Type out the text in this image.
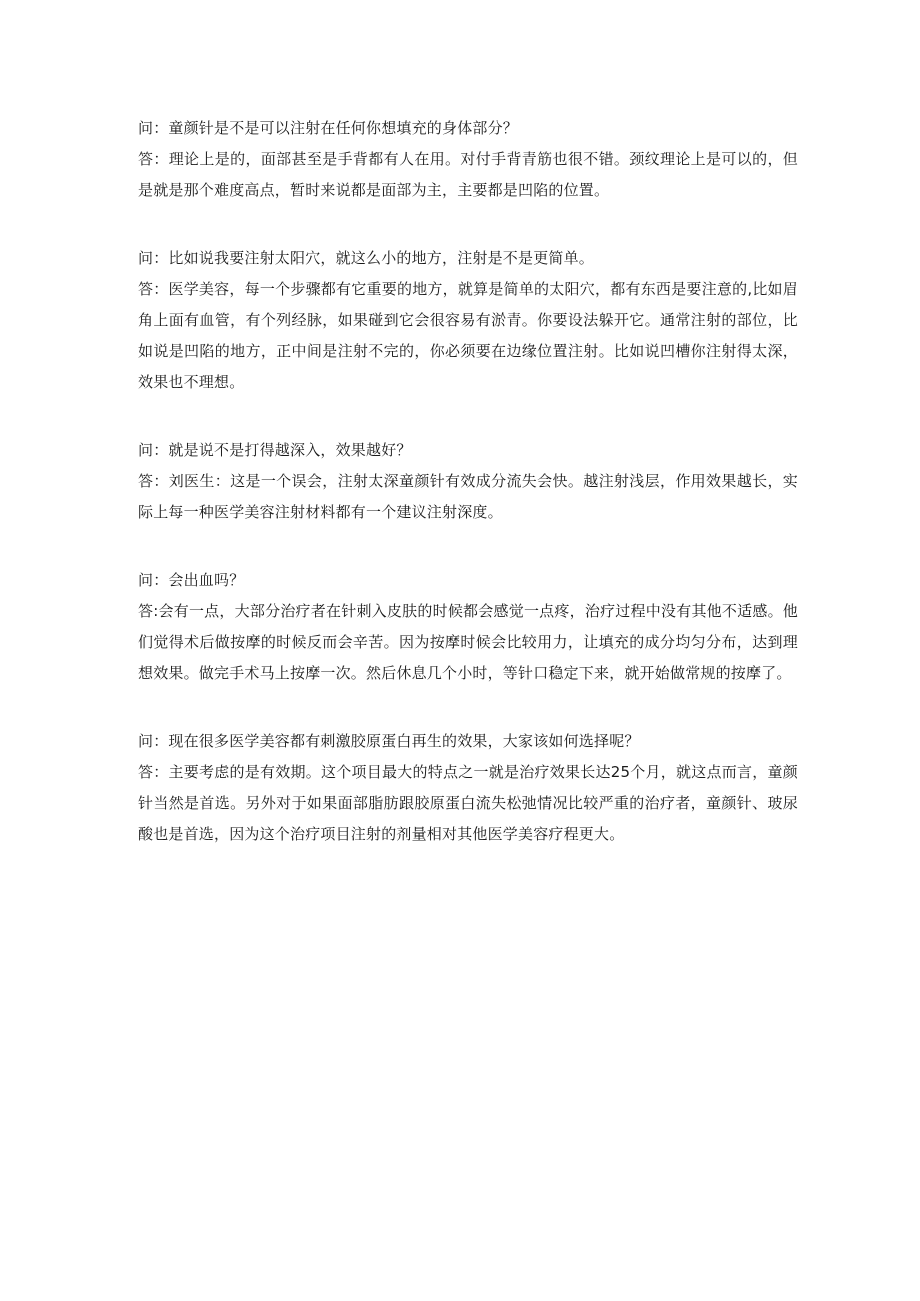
问：童颜针是不是可以注射在任何你想填充的身体部分？

答：理论上是的，面部甚至是手背都有人在用。对付手背青筋也很不错。颈纹理论上是可以的，但是就是那个难度高点，暂时来说都是面部为主，主要都是凹陷的位置。

问：比如说我要注射太阳穴，就这么小的地方，注射是不是更简单。

答：医学美容，每一个步骤都有它重要的地方，就算是简单的太阳穴，都有东西是要注意的,比如眉角上面有血管，有个列经脉，如果碰到它会很容易有淤青。你要设法躲开它。通常注射的部位，比如说是凹陷的地方，正中间是注射不完的，你必须要在边缘位置注射。比如说凹槽你注射得太深，效果也不理想。

问：就是说不是打得越深入，效果越好？

答：刘医生：这是一个误会，注射太深童颜针有效成分流失会快。越注射浅层，作用效果越长，实际上每一种医学美容注射材料都有一个建议注射深度。

问：会出血吗？

答:会有一点，大部分治疗者在针刺入皮肤的时候都会感觉一点疼，治疗过程中没有其他不适感。他们觉得术后做按摩的时候反而会辛苦。因为按摩时候会比较用力，让填充的成分均匀分布，达到理想效果。做完手术马上按摩一次。然后休息几个小时，等针口稳定下来，就开始做常规的按摩了。

问：现在很多医学美容都有刺激胶原蛋白再生的效果，大家该如何选择呢？

答：主要考虑的是有效期。这个项目最大的特点之一就是治疗效果长达25个月，就这点而言，童颜针当然是首选。另外对于如果面部脂肪跟胶原蛋白流失松弛情况比较严重的治疗者，童颜针、玻尿酸也是首选，因为这个治疗项目注射的剂量相对其他医学美容疗程更大。
